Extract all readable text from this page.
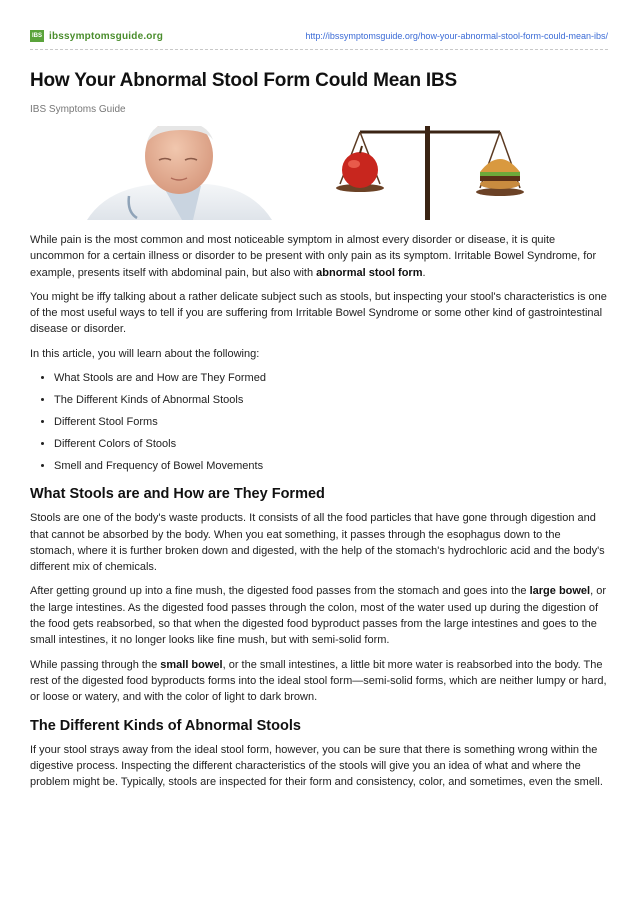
IBS ibssymptomsguide.org	http://ibssymptomsguide.org/how-your-abnormal-stool-form-could-mean-ibs/
How Your Abnormal Stool Form Could Mean IBS
IBS Symptoms Guide

While pain is the most common and most noticeable symptom in almost every disorder or disease, it is quite uncommon for a certain illness or disorder to be present with only pain as its symptom. Irritable Bowel Syndrome, for example, presents itself with abdominal pain, but also with abnormal stool form.

You might be iffy talking about a rather delicate subject such as stools, but inspecting your stool's characteristics is one of the most useful ways to tell if you are suffering from Irritable Bowel Syndrome or some other kind of gastrointestinal disease or disorder.

In this article, you will learn about the following:

• What Stools are and How are They Formed
• The Different Kinds of Abnormal Stools
• Different Stool Forms
• Different Colors of Stools
• Smell and Frequency of Bowel Movements
What Stools are and How are They Formed

Stools are one of the body's waste products. It consists of all the food particles that have gone through digestion and that cannot be absorbed by the body. When you eat something, it passes through the esophagus down to the stomach, where it is further broken down and digested, with the help of the stomach's hydrochloric acid and the body's different mix of chemicals.

After getting ground up into a fine mush, the digested food passes from the stomach and goes into the large bowel, or the large intestines. As the digested food passes through the colon, most of the water used up during the digestion of the food gets reabsorbed, so that when the digested food byproduct passes from the large intestines and goes to the small intestines, it no longer looks like fine mush, but with semi-solid form.

While passing through the small bowel, or the small intestines, a little bit more water is reabsorbed into the body. The rest of the digested food byproducts forms into the ideal stool form—semi-solid forms, which are neither lumpy or hard, or loose or watery, and with the color of light to dark brown.

The Different Kinds of Abnormal Stools

If your stool strays away from the ideal stool form, however, you can be sure that there is something wrong within the digestive process. Inspecting the different characteristics of the stools will give you an idea of what and where the problem might be. Typically, stools are inspected for their form and consistency, color, and sometimes, even the smell.
